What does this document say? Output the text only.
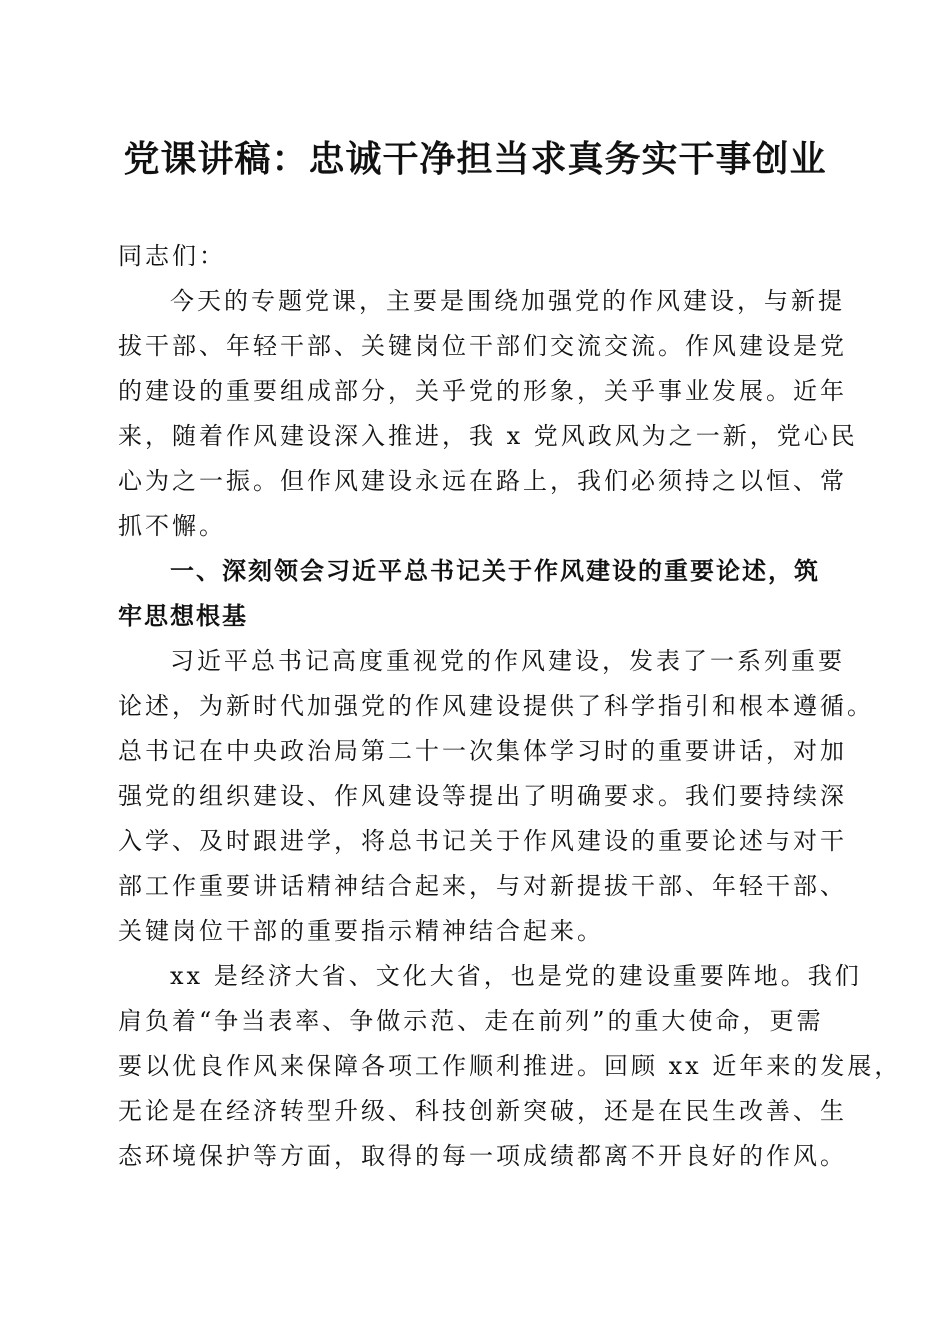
党课讲稿：忠诚干净担当求真务实干事创业
同志们：
今天的专题党课，主要是围绕加强党的作风建设，与新提
拔干部、年轻干部、关键岗位干部们交流交流。作风建设是党
的建设的重要组成部分，关乎党的形象，关乎事业发展。近年
来，随着作风建设深入推进，我 x 党风政风为之一新，党心民
心为之一振。但作风建设永远在路上，我们必须持之以恒、常
抓不懈。
一、深刻领会习近平总书记关于作风建设的重要论述，筑
牢思想根基
习近平总书记高度重视党的作风建设，发表了一系列重要
论述，为新时代加强党的作风建设提供了科学指引和根本遵循。
总书记在中央政治局第二十一次集体学习时的重要讲话，对加
强党的组织建设、作风建设等提出了明确要求。我们要持续深
入学、及时跟进学，将总书记关于作风建设的重要论述与对干
部工作重要讲话精神结合起来，与对新提拔干部、年轻干部、
关键岗位干部的重要指示精神结合起来。
xx 是经济大省、文化大省，也是党的建设重要阵地。我们
肩负着“争当表率、争做示范、走在前列”的重大使命，更需
要以优良作风来保障各项工作顺利推进。回顾 xx 近年来的发展，
无论是在经济转型升级、科技创新突破，还是在民生改善、生
态环境保护等方面，取得的每一项成绩都离不开良好的作风。
